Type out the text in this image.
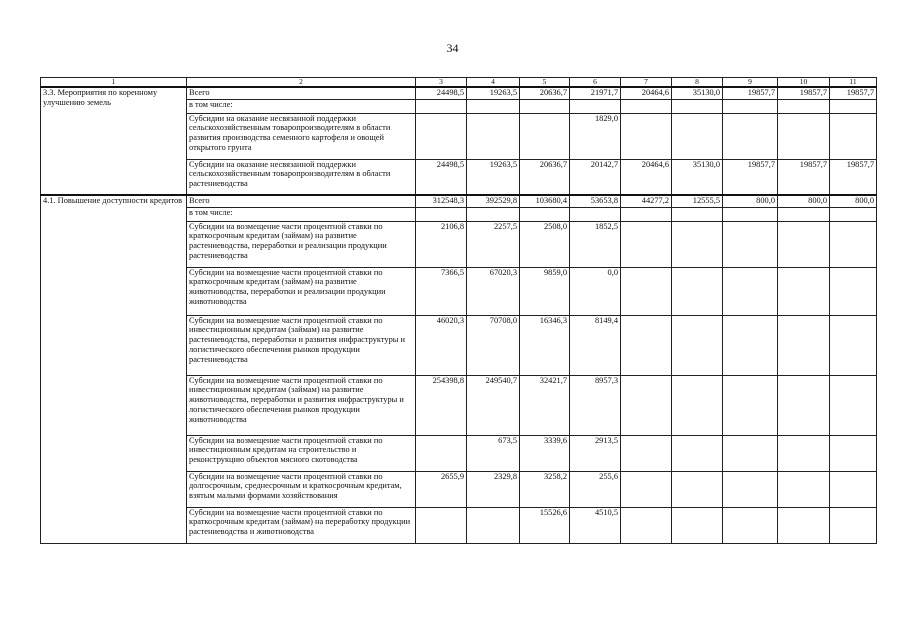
34
1	2	3	4	5	6	7	8	9	10	11
3.3. Мероприятия по коренному улучшению земель	Всего	24498,5	19263,5	20636,7	21971,7	20464,6	35130,0	19857,7	19857,7	19857,7
	в том числе:									
	Субсидии на оказание несвязанной поддержки сельскохозяйственным товаропроизводителям в области развития производства семенного картофеля и овощей открытого грунта				1829,0					
	Субсидии на оказание несвязанной поддержки сельскохозяйственным товаропроизводителям в области растениеводства	24498,5	19263,5	20636,7	20142,7	20464,6	35130,0	19857,7	19857,7	19857,7
4.1. Повышение доступности кредитов	Всего	312548,3	392529,8	103680,4	53653,8	44277,2	12555,5	800,0	800,0	800,0
	в том числе:									
	Субсидии на возмещение части процентной ставки по краткосрочным кредитам (займам) на развитие растениеводства, переработки и реализации продукции растениеводства	2106,8	2257,5	2508,0	1852,5					
	Субсидии на возмещение части процентной ставки по краткосрочным кредитам (займам) на развитие животноводства, переработки и реализации продукции животноводства	7366,5	67020,3	9859,0	0,0					
	Субсидии на возмещение части процентной ставки по инвестиционным кредитам (займам) на развитие растениеводства, переработки и развития инфраструктуры и логистического обеспечения рынков продукции растениеводства	46020,3	70708,0	16346,3	8149,4					
	Субсидии на возмещение части процентной ставки по инвестиционным кредитам (займам) на развитие животноводства, переработки и развития инфраструктуры и логистического обеспечения рынков продукции животноводства	254398,8	249540,7	32421,7	8957,3					
	Субсидии на возмещение части процентной ставки по инвестиционным кредитам на строительство и реконструкцию объектов мясного скотоводства		673,5	3339,6	2913,5					
	Субсидии на возмещение части процентной ставки по долгосрочным, среднесрочным и краткосрочным кредитам, взятым малыми формами хозяйствования	2655,9	2329,8	3258,2	255,6					
	Субсидии на возмещение части процентной ставки по краткосрочным кредитам (займам) на переработку продукции растениеводства и животноводства			15526,6	4510,5					
